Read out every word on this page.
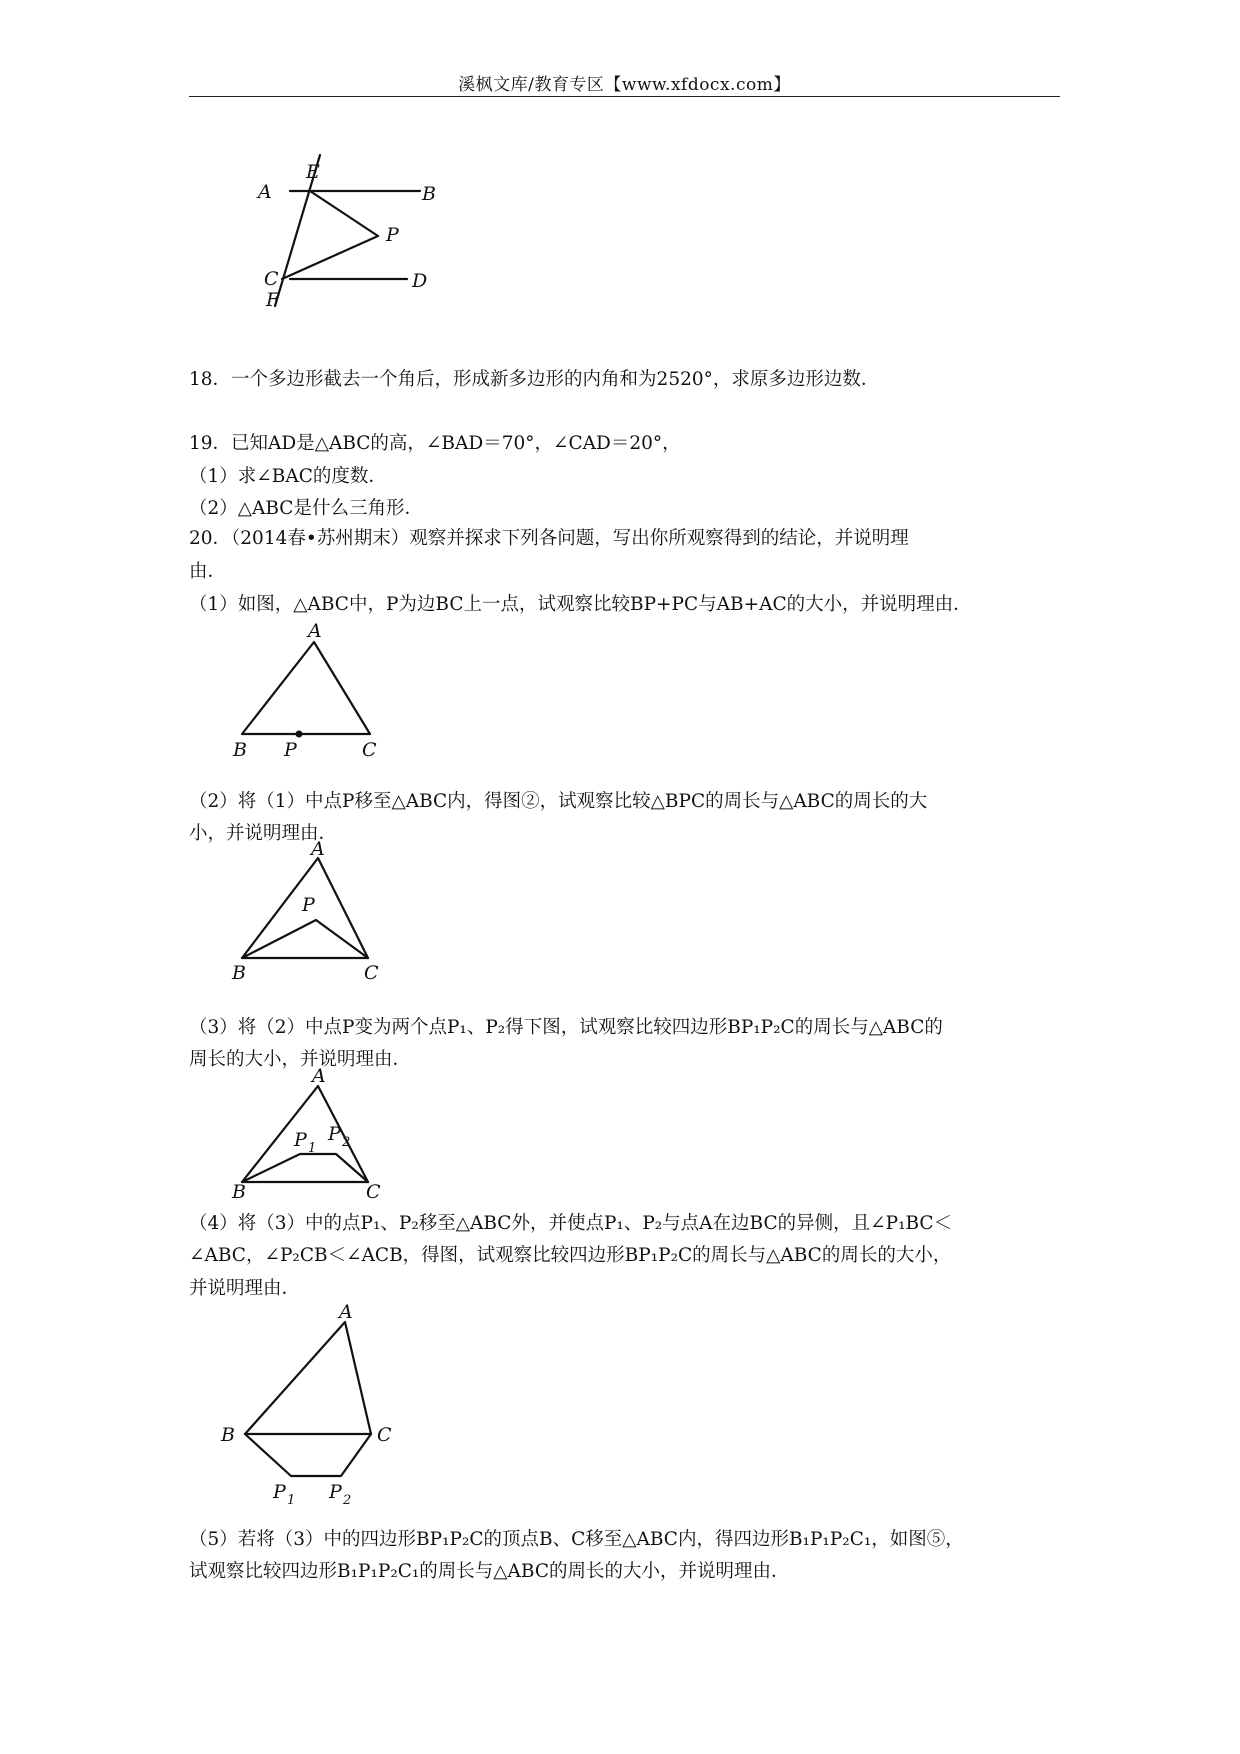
溪枫文库/教育专区【www.xfdocx.com】
A
E
B
P
C	D
F
18．一个多边形截去一个角后，形成新多边形的内角和为2520°，求原多边形边数．
19．已知AD是△ABC的高，∠BAD＝70°，∠CAD＝20°，
（1）求∠BAC的度数．
（2）△ABC是什么三角形．
20．（2014春•苏州期末）观察并探求下列各问题，写出你所观察得到的结论，并说明理
由．
（1）如图，△ABC中，P为边BC上一点，试观察比较BP+PC与AB+AC的大小，并说明理由．
A
B P	C
（2）将（1）中点P移至△ABC内，得图②，试观察比较△BPC的周长与△ABC的周长的大
小，并说明理由．
A
P
B	C
（3）将（2）中点P变为两个点P₁、P₂得下图，试观察比较四边形BP₁P₂C的周长与△ABC的
周长的大小，并说明理由．
A
P 1
P 2
B	C
（4）将（3）中的点P₁、P₂移至△ABC外，并使点P₁、P₂与点A在边BC的异侧，且∠P₁BC＜
∠ABC，∠P₂CB＜∠ACB，得图，试观察比较四边形BP₁P₂C的周长与△ABC的周长的大小，
并说明理由．
A
B	C
P 1 P 2
（5）若将（3）中的四边形BP₁P₂C的顶点B、C移至△ABC内，得四边形B₁P₁P₂C₁，如图⑤，
试观察比较四边形B₁P₁P₂C₁的周长与△ABC的周长的大小，并说明理由．
